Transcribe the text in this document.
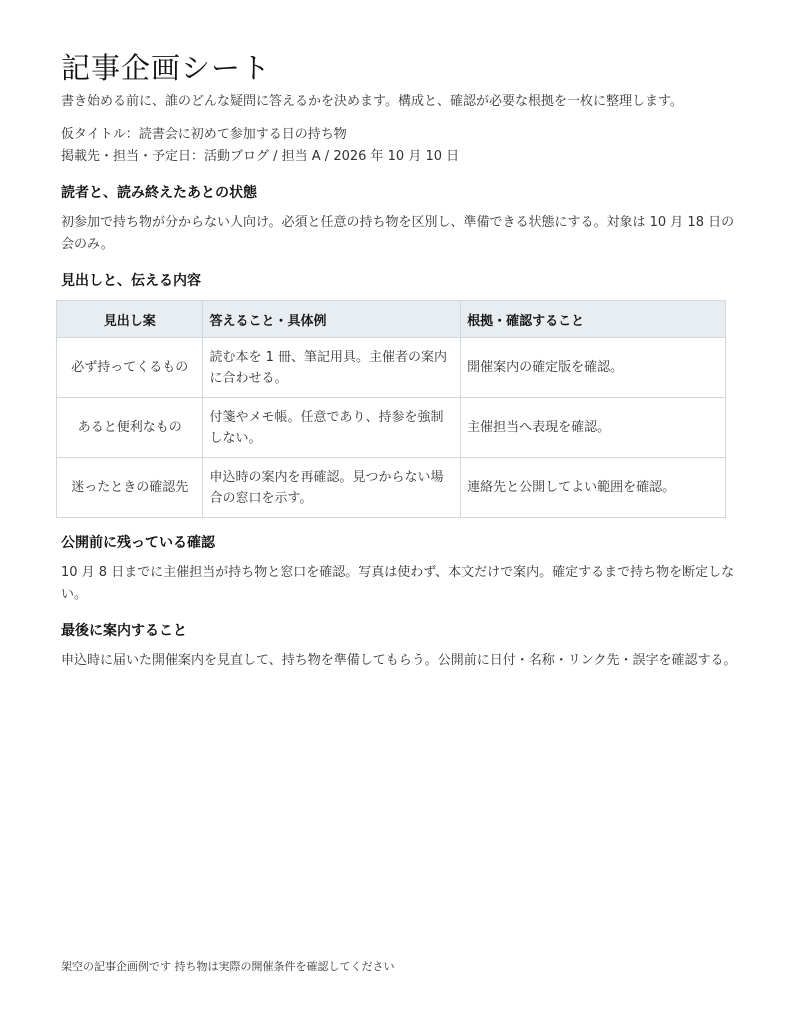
記事企画シート

書き始める前に、誰のどんな疑問に答えるかを決めます。構成と、確認が必要な根拠を一枚に整理します。

仮タイトル：読書会に初めて参加する日の持ち物
掲載先・担当・予定日：活動ブログ / 担当 A / 2026 年 10 月 10 日
読者と、読み終えたあとの状態

初参加で持ち物が分からない人向け。必須と任意の持ち物を区別し、準備できる状態にする。対象は 10 月 18 日の会のみ。

見出しと、伝える内容
見出し案	答えること・具体例	根拠・確認すること
必ず持ってくるもの	読む本を 1 冊、筆記用具。主催者の案内に合わせる。	開催案内の確定版を確認。
あると便利なもの	付箋やメモ帳。任意であり、持参を強制しない。	主催担当へ表現を確認。
迷ったときの確認先	申込時の案内を再確認。見つからない場合の窓口を示す。	連絡先と公開してよい範囲を確認。
公開前に残っている確認

10 月 8 日までに主催担当が持ち物と窓口を確認。写真は使わず、本文だけで案内。確定するまで持ち物を断定しない。

最後に案内すること

申込時に届いた開催案内を見直して、持ち物を準備してもらう。公開前に日付・名称・リンク先・誤字を確認する。

架空の記事企画例です 持ち物は実際の開催条件を確認してください
